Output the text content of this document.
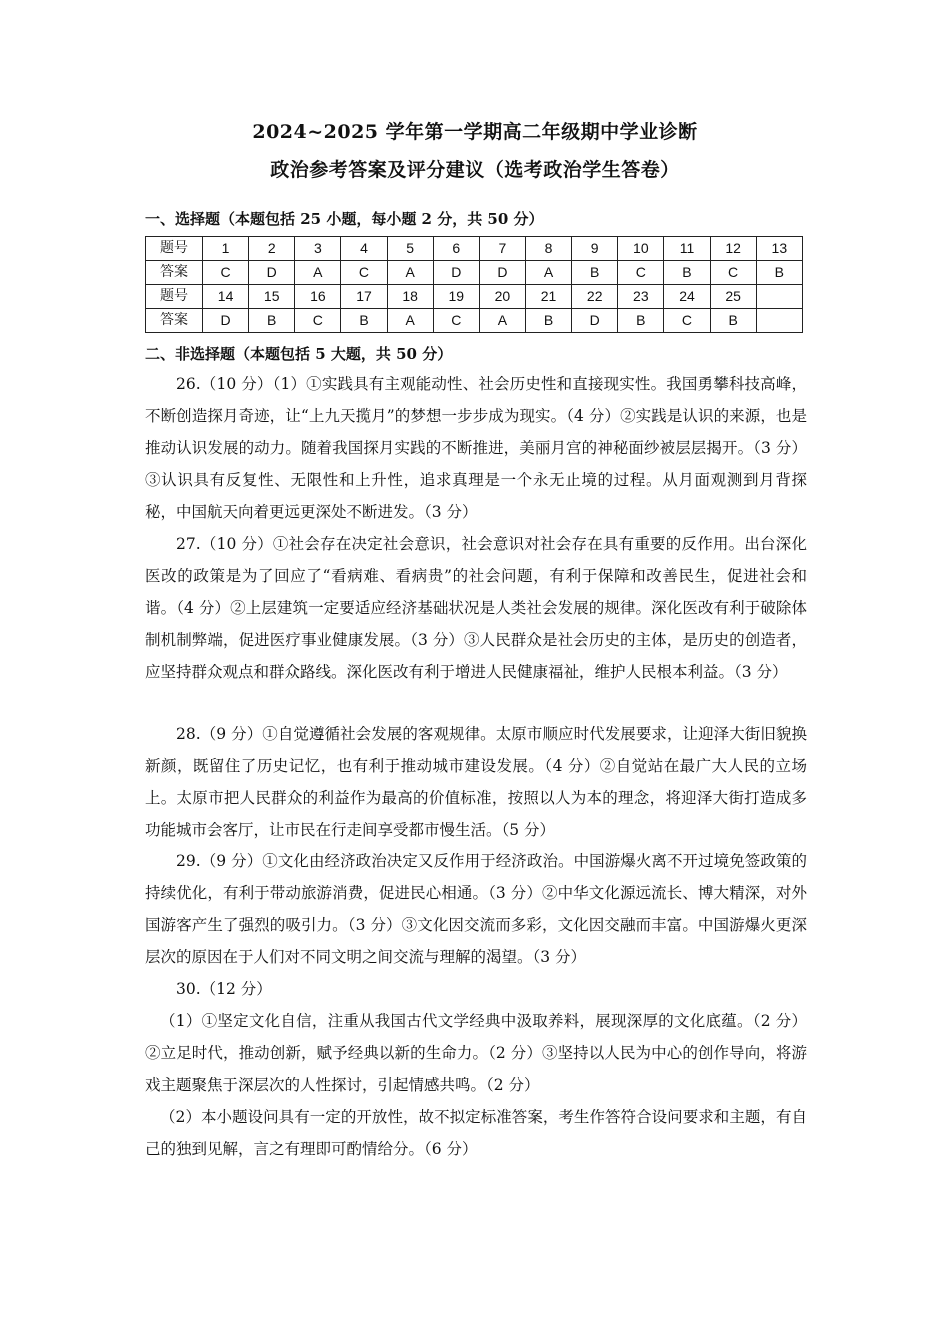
2024~2025 学年第一学期高二年级期中学业诊断
政治参考答案及评分建议（选考政治学生答卷）
一、选择题（本题包括 25 小题，每小题 2 分，共 50 分）
题号	1	2	3	4	5	6	7	8	9	10	11	12	13
答案	C	D	A	C	A	D	D	A	B	C	B	C	B
题号	14	15	16	17	18	19	20	21	22	23	24	25	
答案	D	B	C	B	A	C	A	B	D	B	C	B	
二、非选择题（本题包括 5 大题，共 50 分）
26.（10 分）（1）①实践具有主观能动性、社会历史性和直接现实性。我国勇攀科技高峰，不断创造探月奇迹，让“上九天揽月”的梦想一步步成为现实。（4 分）②实践是认识的来源，也是推动认识发展的动力。随着我国探月实践的不断推进，美丽月宫的神秘面纱被层层揭开。（3 分）③认识具有反复性、无限性和上升性，追求真理是一个永无止境的过程。从月面观测到月背探秘，中国航天向着更远更深处不断进发。（3 分）
27.（10 分）①社会存在决定社会意识，社会意识对社会存在具有重要的反作用。出台深化医改的政策是为了回应了“看病难、看病贵”的社会问题，有利于保障和改善民生，促进社会和谐。（4 分）②上层建筑一定要适应经济基础状况是人类社会发展的规律。深化医改有利于破除体制机制弊端，促进医疗事业健康发展。（3 分）③人民群众是社会历史的主体，是历史的创造者，应坚持群众观点和群众路线。深化医改有利于增进人民健康福祉，维护人民根本利益。（3 分）
28.（9 分）①自觉遵循社会发展的客观规律。太原市顺应时代发展要求，让迎泽大街旧貌换新颜，既留住了历史记忆，也有利于推动城市建设发展。（4 分）②自觉站在最广大人民的立场上。太原市把人民群众的利益作为最高的价值标准，按照以人为本的理念，将迎泽大街打造成多功能城市会客厅，让市民在行走间享受都市慢生活。（5 分）
29.（9 分）①文化由经济政治决定又反作用于经济政治。中国游爆火离不开过境免签政策的持续优化，有利于带动旅游消费，促进民心相通。（3 分）②中华文化源远流长、博大精深，对外国游客产生了强烈的吸引力。（3 分）③文化因交流而多彩，文化因交融而丰富。中国游爆火更深层次的原因在于人们对不同文明之间交流与理解的渴望。（3 分）
30.（12 分）
（1）①坚定文化自信，注重从我国古代文学经典中汲取养料，展现深厚的文化底蕴。（2 分）②立足时代，推动创新，赋予经典以新的生命力。（2 分）③坚持以人民为中心的创作导向，将游戏主题聚焦于深层次的人性探讨，引起情感共鸣。（2 分）
（2）本小题设问具有一定的开放性，故不拟定标准答案，考生作答符合设问要求和主题，有自己的独到见解，言之有理即可酌情给分。（6 分）
